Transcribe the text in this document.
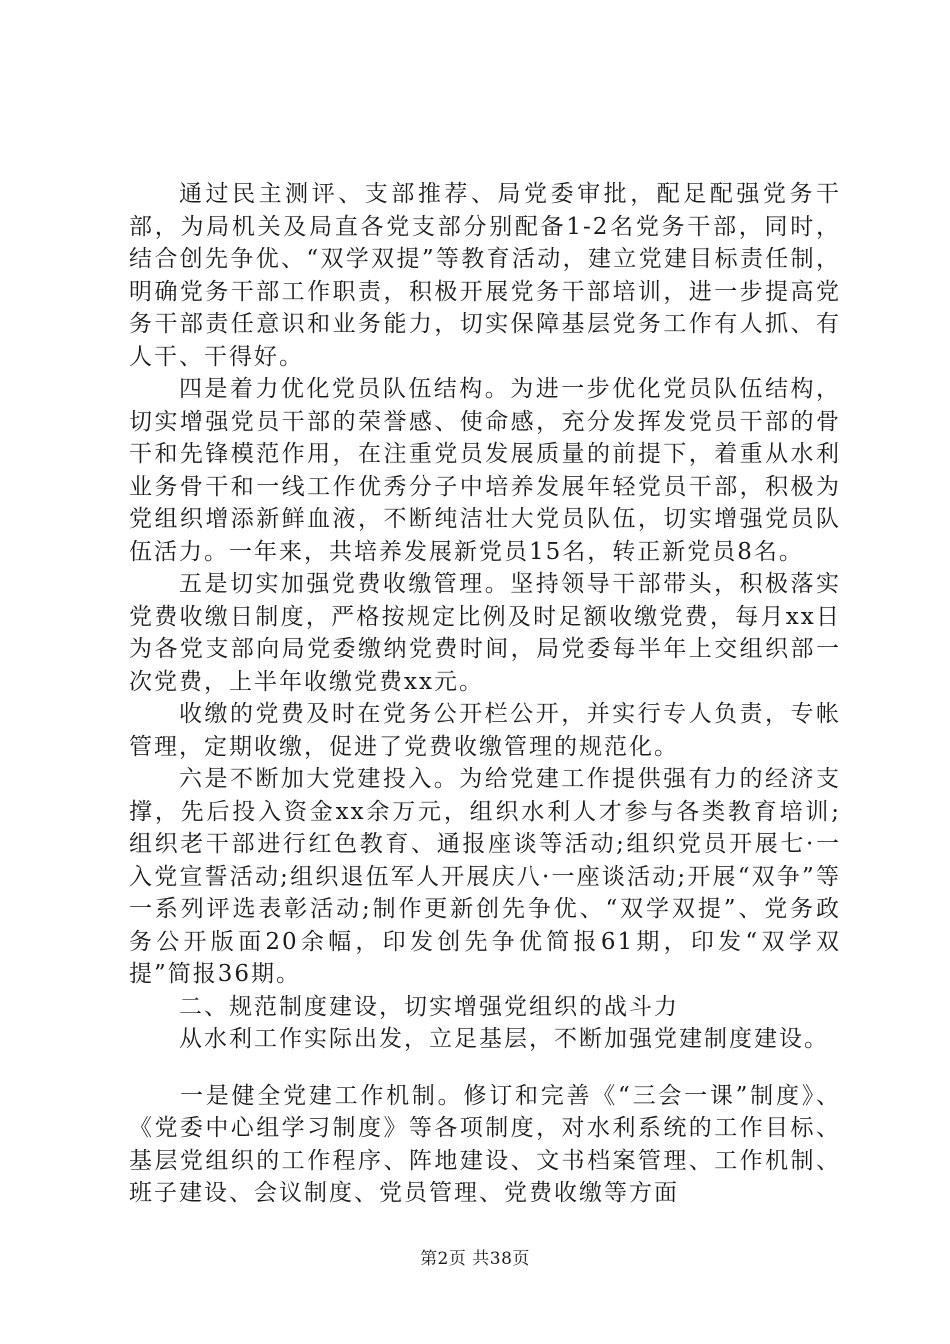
通过民主测评、支部推荐、局党委审批，配足配强党务干部，为局机关及局直各党支部分别配备1-2名党务干部，同时，结合创先争优、“双学双提”等教育活动，建立党建目标责任制，明确党务干部工作职责，积极开展党务干部培训，进一步提高党务干部责任意识和业务能力，切实保障基层党务工作有人抓、有人干、干得好。

四是着力优化党员队伍结构。为进一步优化党员队伍结构，切实增强党员干部的荣誉感、使命感，充分发挥发党员干部的骨干和先锋模范作用，在注重党员发展质量的前提下，着重从水利业务骨干和一线工作优秀分子中培养发展年轻党员干部，积极为党组织增添新鲜血液，不断纯洁壮大党员队伍，切实增强党员队伍活力。一年来，共培养发展新党员15名，转正新党员8名。

五是切实加强党费收缴管理。坚持领导干部带头，积极落实党费收缴日制度，严格按规定比例及时足额收缴党费，每月xx日为各党支部向局党委缴纳党费时间，局党委每半年上交组织部一次党费，上半年收缴党费xx元。

收缴的党费及时在党务公开栏公开，并实行专人负责，专帐管理，定期收缴，促进了党费收缴管理的规范化。

六是不断加大党建投入。为给党建工作提供强有力的经济支撑，先后投入资金xx余万元，组织水利人才参与各类教育培训;组织老干部进行红色教育、通报座谈等活动;组织党员开展七·一入党宣誓活动;组织退伍军人开展庆八·一座谈活动;开展“双争”等一系列评选表彰活动;制作更新创先争优、“双学双提”、党务政务公开版面20余幅，印发创先争优简报61期，印发“双学双提”简报36期。

二、规范制度建设，切实增强党组织的战斗力

从水利工作实际出发，立足基层，不断加强党建制度建设。

一是健全党建工作机制。修订和完善《“三会一课”制度》、《党委中心组学习制度》等各项制度，对水利系统的工作目标、基层党组织的工作程序、阵地建设、文书档案管理、工作机制、班子建设、会议制度、党员管理、党费收缴等方面

第2页 共38页
